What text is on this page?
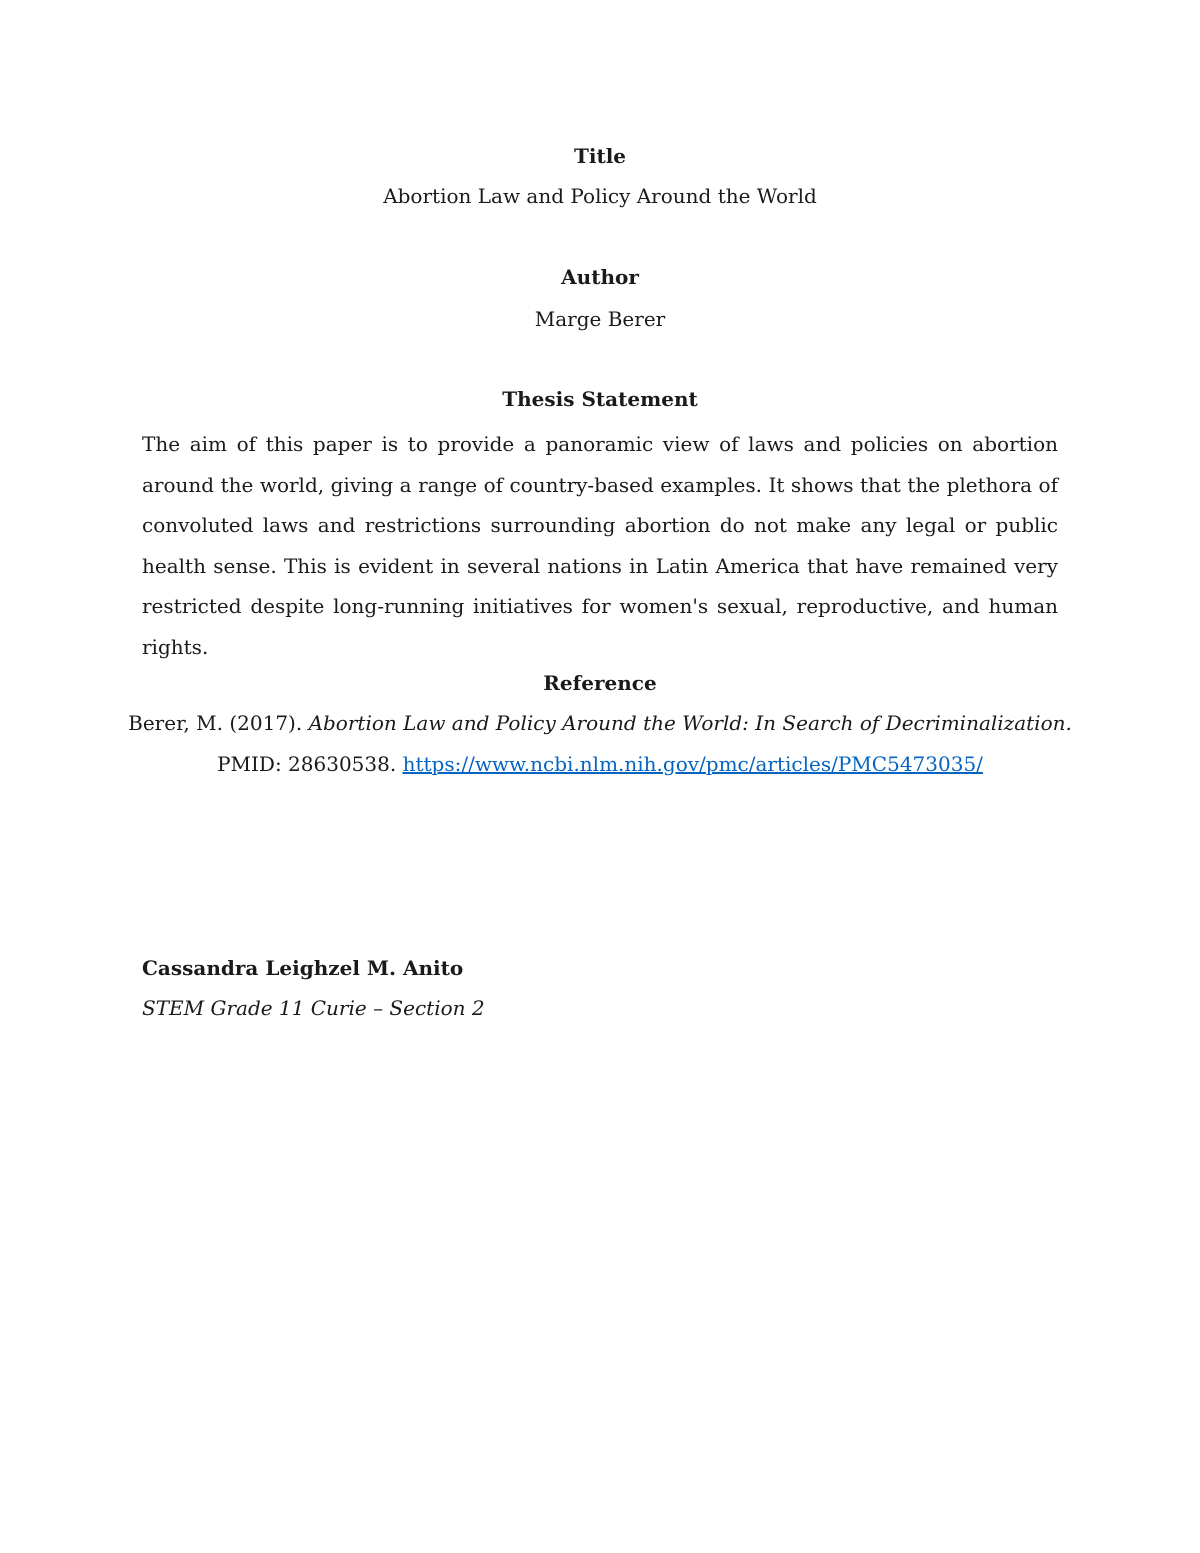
Title
Abortion Law and Policy Around the World
Author
Marge Berer
Thesis Statement

The aim of this paper is to provide a panoramic view of laws and policies on abortion around the world, giving a range of country-based examples. It shows that the plethora of convoluted laws and restrictions surrounding abortion do not make any legal or public health sense. This is evident in several nations in Latin America that have remained very restricted despite long-running initiatives for women's sexual, reproductive, and human rights.

Reference
Berer, M. (2017). Abortion Law and Policy Around the World: In Search of Decriminalization.
PMID: 28630538. https://www.ncbi.nlm.nih.gov/pmc/articles/PMC5473035/
Cassandra Leighzel M. Anito
STEM Grade 11 Curie – Section 2
